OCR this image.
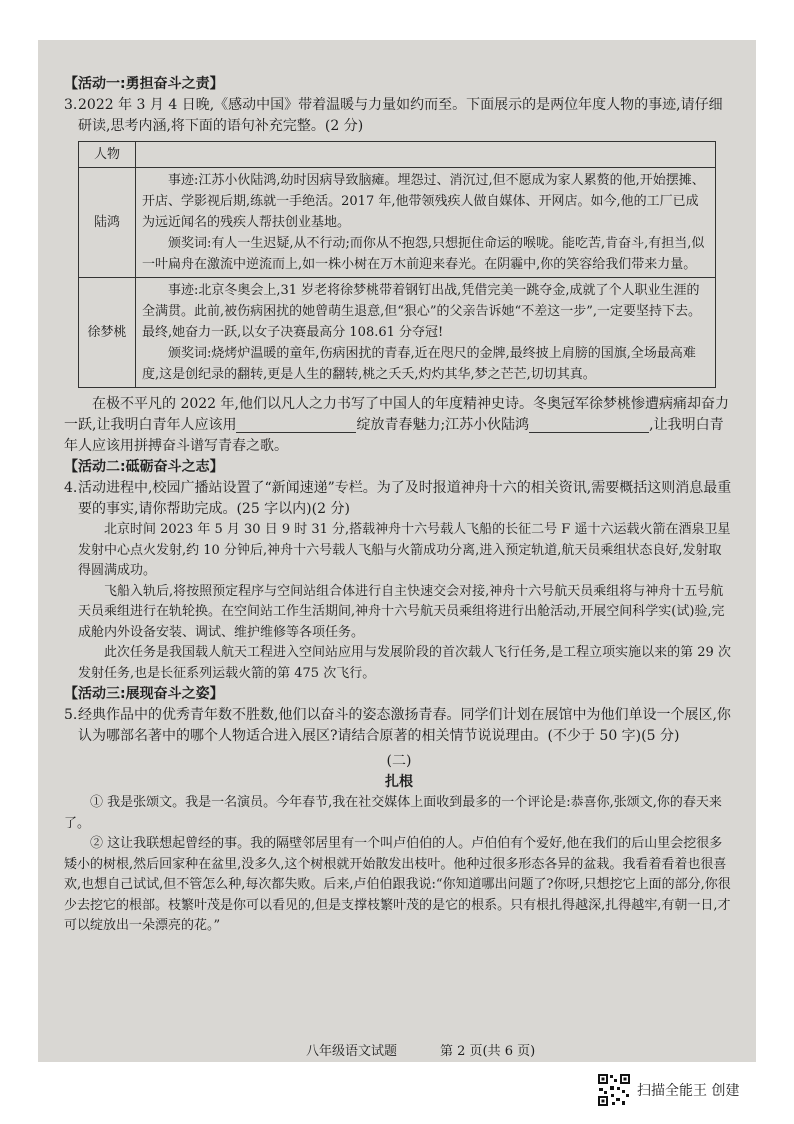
【活动一:勇担奋斗之责】

3. 2022 年 3 月 4 日晚,《感动中国》带着温暖与力量如约而至。下面展示的是两位年度人物的事迹,请仔细研读,思考内涵,将下面的语句补充完整。(2 分)

人物	
陆鸿	事迹:江苏小伙陆鸿,幼时因病导致脑瘫。埋怨过、消沉过,但不愿成为家人累赘的他,开始摆摊、开店、学影视后期,练就一手绝活。2017 年,他带领残疾人做自媒体、开网店。如今,他的工厂已成为远近闻名的残疾人帮扶创业基地。

颁奖词:有人一生迟疑,从不行动;而你从不抱怨,只想扼住命运的喉咙。能吃苦,肯奋斗,有担当,似一叶扁舟在激流中逆流而上,如一株小树在万木前迎来春光。在阴霾中,你的笑容给我们带来力量。

徐梦桃	事迹:北京冬奥会上,31 岁老将徐梦桃带着钢钉出战,凭借完美一跳夺金,成就了个人职业生涯的全满贯。此前,被伤病困扰的她曾萌生退意,但“狠心”的父亲告诉她“不差这一步”,一定要坚持下去。最终,她奋力一跃,以女子决赛最高分 108.61 分夺冠!

颁奖词:烧烤炉温暖的童年,伤病困扰的青春,近在咫尺的金牌,最终披上肩膀的国旗,全场最高难度,这是创纪录的翻转,更是人生的翻转,桃之夭夭,灼灼其华,梦之芒芒,切切其真。

在极不平凡的 2022 年,他们以凡人之力书写了中国人的年度精神史诗。冬奥冠军徐梦桃惨遭病痛却奋力一跃,让我明白青年人应该用	绽放青春魅力;江苏小伙陆鸿	,让我明白青年人应该用拼搏奋斗谱写青春之歌。

【活动二:砥砺奋斗之志】

4. 活动进程中,校园广播站设置了“新闻速递”专栏。为了及时报道神舟十六的相关资讯,需要概括这则消息最重要的事实,请你帮助完成。(25 字以内)(2 分)

北京时间 2023 年 5 月 30 日 9 时 31 分,搭载神舟十六号载人飞船的长征二号 F 遥十六运载火箭在酒泉卫星发射中心点火发射,约 10 分钟后,神舟十六号载人飞船与火箭成功分离,进入预定轨道,航天员乘组状态良好,发射取得圆满成功。

飞船入轨后,将按照预定程序与空间站组合体进行自主快速交会对接,神舟十六号航天员乘组将与神舟十五号航天员乘组进行在轨轮换。在空间站工作生活期间,神舟十六号航天员乘组将进行出舱活动,开展空间科学实(试)验,完成舱内外设备安装、调试、维护维修等各项任务。

此次任务是我国载人航天工程进入空间站应用与发展阶段的首次载人飞行任务,是工程立项实施以来的第 29 次发射任务,也是长征系列运载火箭的第 475 次飞行。

【活动三:展现奋斗之姿】

5. 经典作品中的优秀青年数不胜数,他们以奋斗的姿态激扬青春。同学们计划在展馆中为他们单设一个展区,你认为哪部名著中的哪个人物适合进入展区?请结合原著的相关情节说说理由。(不少于 50 字)(5 分)

(二)

扎根

① 我是张颂文。我是一名演员。今年春节,我在社交媒体上面收到最多的一个评论是:恭喜你,张颂文,你的春天来了。

② 这让我联想起曾经的事。我的隔壁邻居里有一个叫卢伯伯的人。卢伯伯有个爱好,他在我们的后山里会挖很多矮小的树根,然后回家种在盆里,没多久,这个树根就开始散发出枝叶。他种过很多形态各异的盆栽。我看着看着也很喜欢,也想自己试试,但不管怎么种,每次都失败。后来,卢伯伯跟我说:“你知道哪出问题了?你呀,只想挖它上面的部分,你很少去挖它的根部。枝繁叶茂是你可以看见的,但是支撑枝繁叶茂的是它的根系。只有根扎得越深,扎得越牢,有朝一日,才可以绽放出一朵漂亮的花。”

八年级语文试题	第 2 页(共 6 页)
扫描全能王 创建
